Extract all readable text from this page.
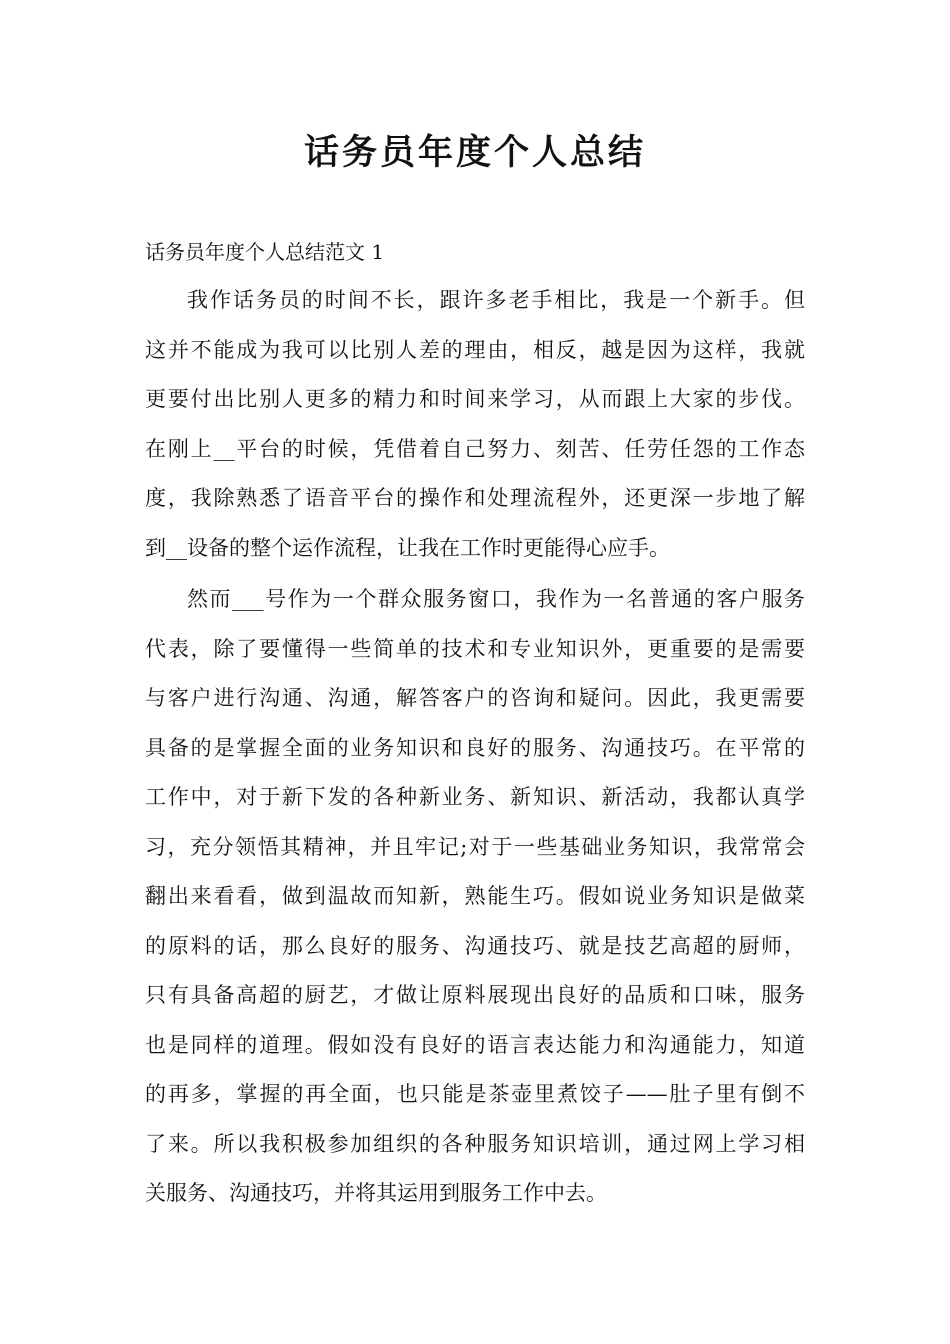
话务员年度个人总结

话务员年度个人总结范文 1

我作话务员的时间不长，跟许多老手相比，我是一个新手。但
这并不能成为我可以比别人差的理由，相反，越是因为这样，我就
更要付出比别人更多的精力和时间来学习，从而跟上大家的步伐。
在刚上__平台的时候，凭借着自己努力、刻苦、任劳任怨的工作态
度，我除熟悉了语音平台的操作和处理流程外，还更深一步地了解
到__设备的整个运作流程，让我在工作时更能得心应手。
然而___号作为一个群众服务窗口，我作为一名普通的客户服务
代表，除了要懂得一些简单的技术和专业知识外，更重要的是需要
与客户进行沟通、沟通，解答客户的咨询和疑问。因此，我更需要
具备的是掌握全面的业务知识和良好的服务、沟通技巧。在平常的
工作中，对于新下发的各种新业务、新知识、新活动，我都认真学
习，充分领悟其精神，并且牢记;对于一些基础业务知识，我常常会
翻出来看看，做到温故而知新，熟能生巧。假如说业务知识是做菜
的原料的话，那么良好的服务、沟通技巧、就是技艺高超的厨师，
只有具备高超的厨艺，才做让原料展现出良好的品质和口味，服务
也是同样的道理。假如没有良好的语言表达能力和沟通能力，知道
的再多，掌握的再全面，也只能是茶壶里煮饺子——肚子里有倒不
了来。所以我积极参加组织的各种服务知识培训，通过网上学习相
关服务、沟通技巧，并将其运用到服务工作中去。
